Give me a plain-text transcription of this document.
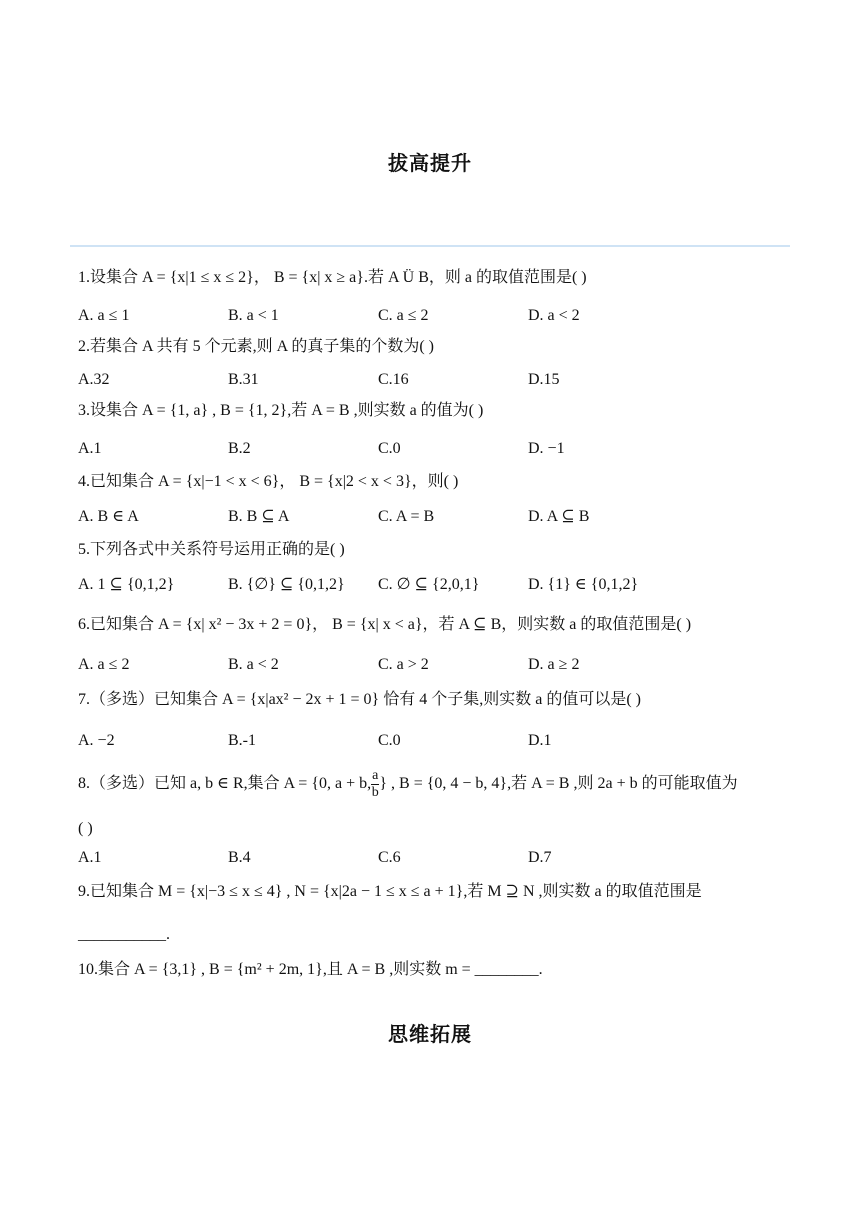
拔高提升
1.设集合 A = {x|1 ≤ x ≤ 2}， B = {x| x ≥ a}.若 A Ü B，则 a 的取值范围是( )
A. a ≤ 1	B. a < 1	C. a ≤ 2	D. a < 2
2.若集合 A 共有 5 个元素,则 A 的真子集的个数为( )
A.32	B.31	C.16	D.15
3.设集合 A = {1, a} , B = {1, 2},若 A = B ,则实数 a 的值为( )
A.1	B.2	C.0	D. −1
4.已知集合 A = {x|−1 < x < 6}， B = {x|2 < x < 3}，则( )
A. B ∈ A	B. B ⊆ A	C. A = B	D. A ⊆ B
5.下列各式中关系符号运用正确的是( )
A. 1 ⊆ {0,1,2}	B. {∅} ⊆ {0,1,2} C. ∅ ⊆ {2,0,1}	D. {1} ∈ {0,1,2}
6.已知集合 A = {x| x² − 3x + 2 = 0}， B = {x| x < a}，若 A ⊆ B，则实数 a 的取值范围是( )
A. a ≤ 2	B. a < 2	C. a > 2	D. a ≥ 2
7.（多选）已知集合 A = {x|ax² − 2x + 1 = 0} 恰有 4 个子集,则实数 a 的值可以是( )
A. −2	B.-1	C.0	D.1
8.（多选）已知 a, b ∈ R,集合 A = {0, a + b, $\frac{a}{b}$ } , B = {0, 4 − b, 4},若 A = B ,则 2a + b 的可能取值为
( )
A.1	B.4	C.6	D.7
9.已知集合 M = {x|−3 ≤ x ≤ 4} , N = {x|2a − 1 ≤ x ≤ a + 1},若 M ⊇ N ,则实数 a 的取值范围是
___________.
10.集合 A = {3,1} , B = {m² + 2m, 1},且 A = B ,则实数 m = ________.
思维拓展
